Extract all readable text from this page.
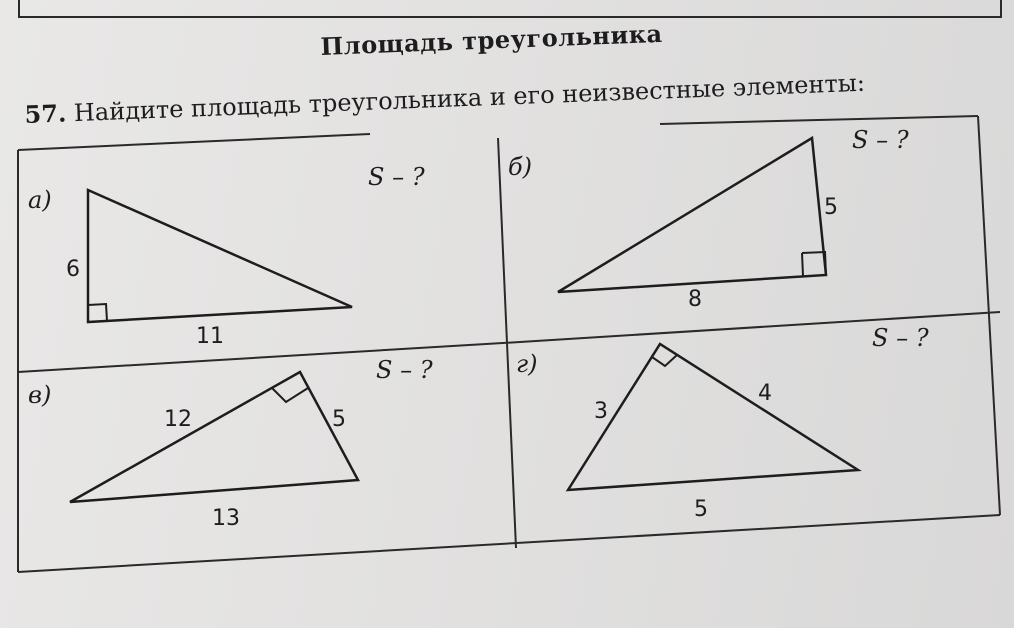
Площадь треугольника
57. Найдите площадь треугольника и его неизвестные элементы:
а)
S – ?
6
11
б)
S – ?
5
8
в)
S – ?
12	5
13
г)
S – ?
3
4
5
